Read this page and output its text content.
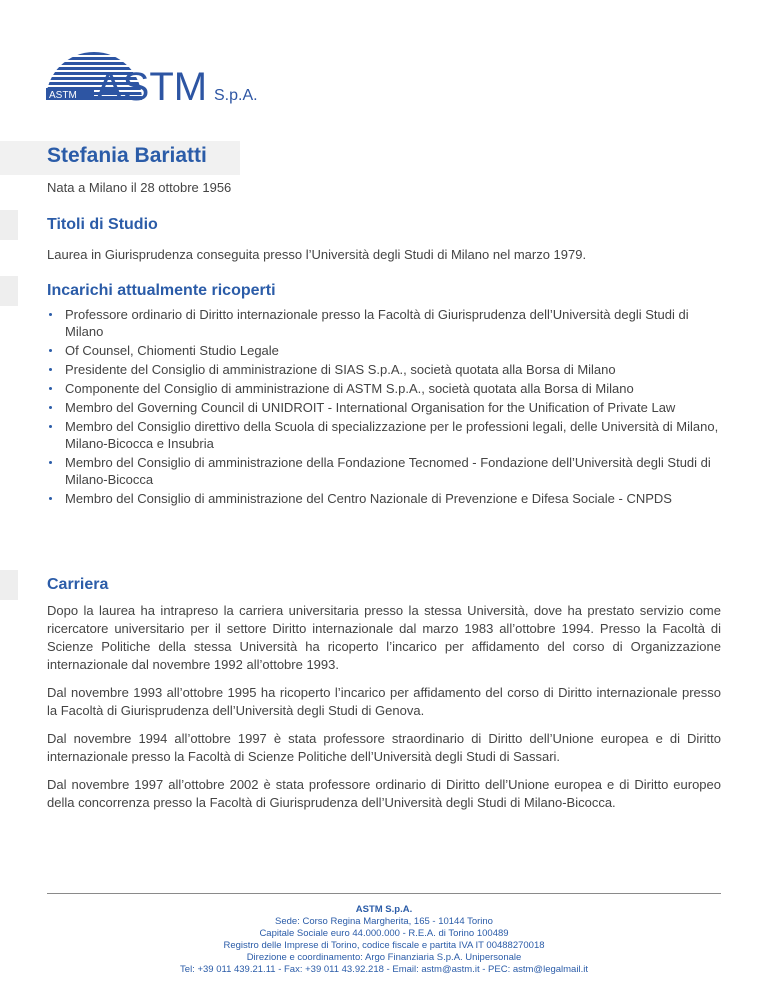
ASTM ASTM S.p.A.
Stefania Bariatti
Nata a Milano il 28 ottobre 1956
Titoli di Studio

Laurea in Giurisprudenza conseguita presso l’Università degli Studi di Milano nel marzo 1979.

Incarichi attualmente ricoperti
Professore ordinario di Diritto internazionale presso la Facoltà di Giurisprudenza dell’Università degli Studi di Milano
Of Counsel, Chiomenti Studio Legale
Presidente del Consiglio di amministrazione di SIAS S.p.A., società quotata alla Borsa di Milano
Componente del Consiglio di amministrazione di ASTM S.p.A., società quotata alla Borsa di Milano
Membro del Governing Council di UNIDROIT - International Organisation for the Unification of Private Law
Membro del Consiglio direttivo della Scuola di specializzazione per le professioni legali, delle Università di Milano, Milano-Bicocca e Insubria
Membro del Consiglio di amministrazione della Fondazione Tecnomed - Fondazione dell’Università degli Studi di Milano-Bicocca
Membro del Consiglio di amministrazione del Centro Nazionale di Prevenzione e Difesa Sociale - CNPDS
Carriera

Dopo la laurea ha intrapreso la carriera universitaria presso la stessa Università, dove ha prestato servizio come ricercatore universitario per il settore Diritto internazionale dal marzo 1983 all’ottobre 1994. Presso la Facoltà di Scienze Politiche della stessa Università ha ricoperto l’incarico per affidamento del corso di Organizzazione internazionale dal novembre 1992 all’ottobre 1993.

Dal novembre 1993 all’ottobre 1995 ha ricoperto l’incarico per affidamento del corso di Diritto internazionale presso la Facoltà di Giurisprudenza dell’Università degli Studi di Genova.

Dal novembre 1994 all’ottobre 1997 è stata professore straordinario di Diritto dell’Unione europea e di Diritto internazionale presso la Facoltà di Scienze Politiche dell’Università degli Studi di Sassari.

Dal novembre 1997 all’ottobre 2002 è stata professore ordinario di Diritto dell’Unione europea e di Diritto europeo della concorrenza presso la Facoltà di Giurisprudenza dell’Università degli Studi di Milano-Bicocca.

ASTM S.p.A.
Sede: Corso Regina Margherita, 165 - 10144 Torino
Capitale Sociale euro 44.000.000 - R.E.A. di Torino 100489
Registro delle Imprese di Torino, codice fiscale e partita IVA IT 00488270018
Direzione e coordinamento: Argo Finanziaria S.p.A. Unipersonale
Tel: +39 011 439.21.11 - Fax: +39 011 43.92.218 - Email: astm@astm.it - PEC: astm@legalmail.it
